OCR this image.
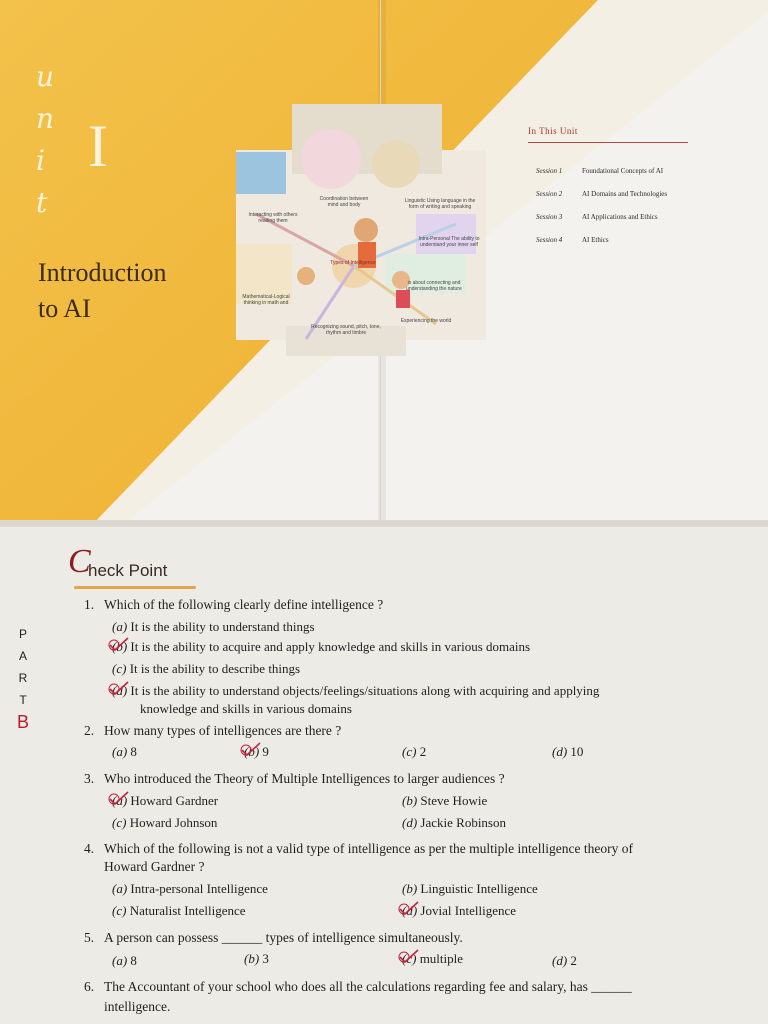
u
n
i
t
I
Introduction
to AI
Coordination between mind and body
Linguistic Using language in the form of writing and speaking
Intra-Personal The ability to understand your inner self
Types of Intelligence
is about connecting and understanding the nature
Experiencing the world
Recognizing sound, pitch, tone, rhythm and timbre
Mathematical-Logical thinking in math and
Interacting with others reading them
In This Unit
Session 1	Foundational Concepts of AI
Session 2	AI Domains and Technologies
Session 3	AI Applications and Ethics
Session 4	AI Ethics
C
heck Point
P
A
R
T
B
1. Which of the following clearly define intelligence ?
(a) It is the ability to understand things
(b) It is the ability to acquire and apply knowledge and skills in various domains
(c) It is the ability to describe things
(d) It is the ability to understand objects/feelings/situations along with acquiring and applying
knowledge and skills in various domains
2. How many types of intelligences are there ?
(a) 8	(b) 9	(c) 2	(d) 10
3. Who introduced the Theory of Multiple Intelligences to larger audiences ?
(a) Howard Gardner	(b) Steve Howie
(c) Howard Johnson	(d) Jackie Robinson
4. Which of the following is not a valid type of intelligence as per the multiple intelligence theory of
Howard Gardner ?
(a) Intra-personal Intelligence	(b) Linguistic Intelligence
(c) Naturalist Intelligence	(d) Jovial Intelligence
5. A person can possess ______ types of intelligence simultaneously.
(a) 8	(b) 3	(c) multiple	(d) 2
6. The Accountant of your school who does all the calculations regarding fee and salary, has ______
intelligence.
